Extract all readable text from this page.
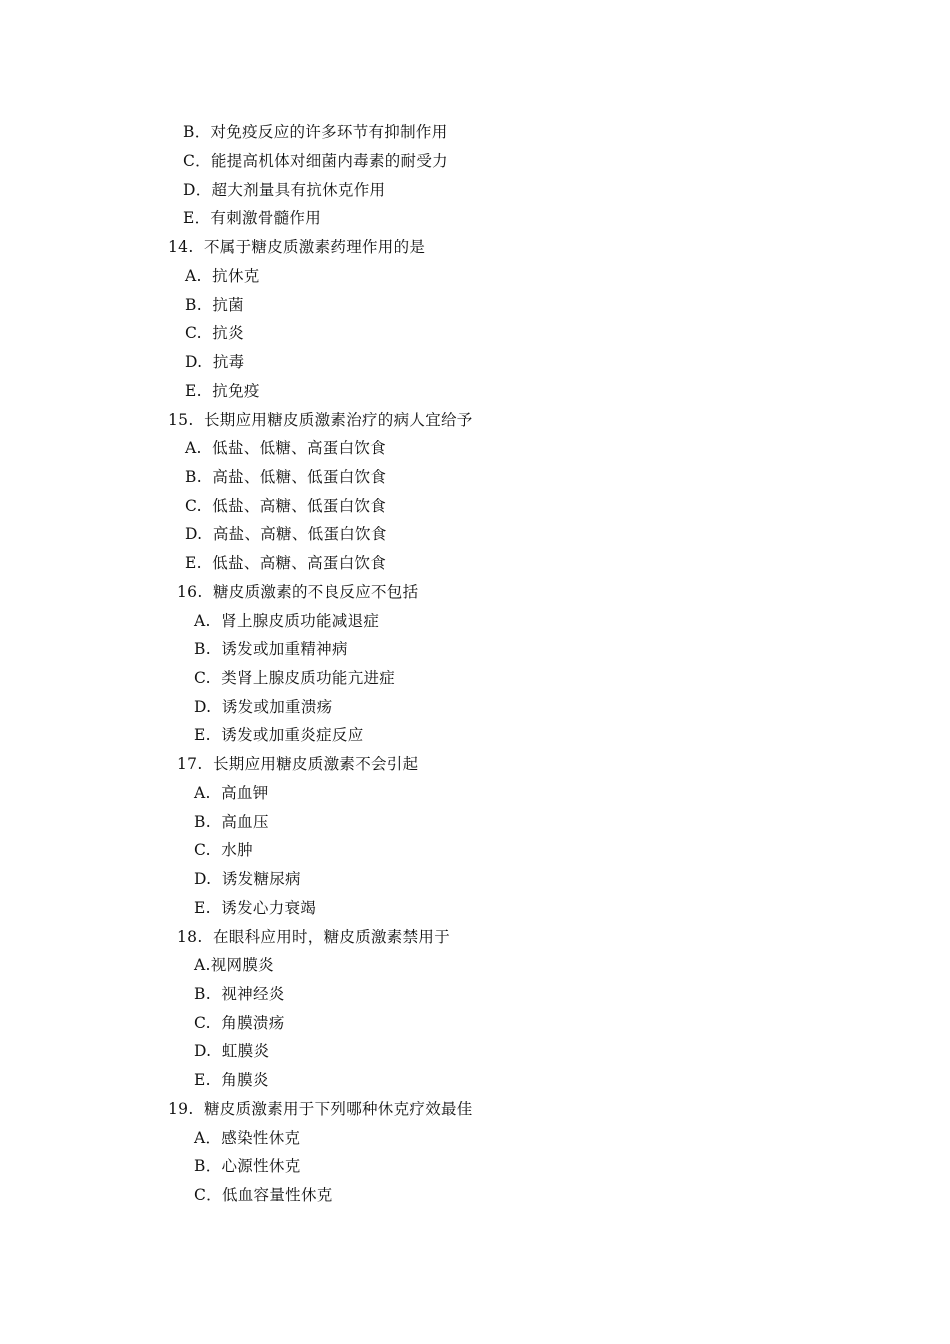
B．对免疫反应的许多环节有抑制作用
C．能提高机体对细菌内毒素的耐受力
D．超大剂量具有抗休克作用
E．有刺激骨髓作用
14.  不属于糖皮质激素药理作用的是
A.  抗休克
B.  抗菌
C.  抗炎
D.  抗毒
E.  抗免疫
15.  长期应用糖皮质激素治疗的病人宜给予
A.  低盐、低糖、高蛋白饮食
B.  高盐、低糖、低蛋白饮食
C.  低盐、高糖、低蛋白饮食
D.  高盐、高糖、低蛋白饮食
E.  低盐、高糖、高蛋白饮食
16.  糖皮质激素的不良反应不包括
A.  肾上腺皮质功能减退症
B.  诱发或加重精神病
C.  类肾上腺皮质功能亢进症
D.  诱发或加重溃疡
E.  诱发或加重炎症反应
17.  长期应用糖皮质激素不会引起
A.  高血钾
B.  高血压
C.  水肿
D.  诱发糖尿病
E.  诱发心力衰竭
18.  在眼科应用时，糖皮质激素禁用于
A.视网膜炎
B.  视神经炎
C.  角膜溃疡
D.  虹膜炎
E.  角膜炎
19.  糖皮质激素用于下列哪种休克疗效最佳
A．感染性休克
B．心源性休克
C．低血容量性休克
